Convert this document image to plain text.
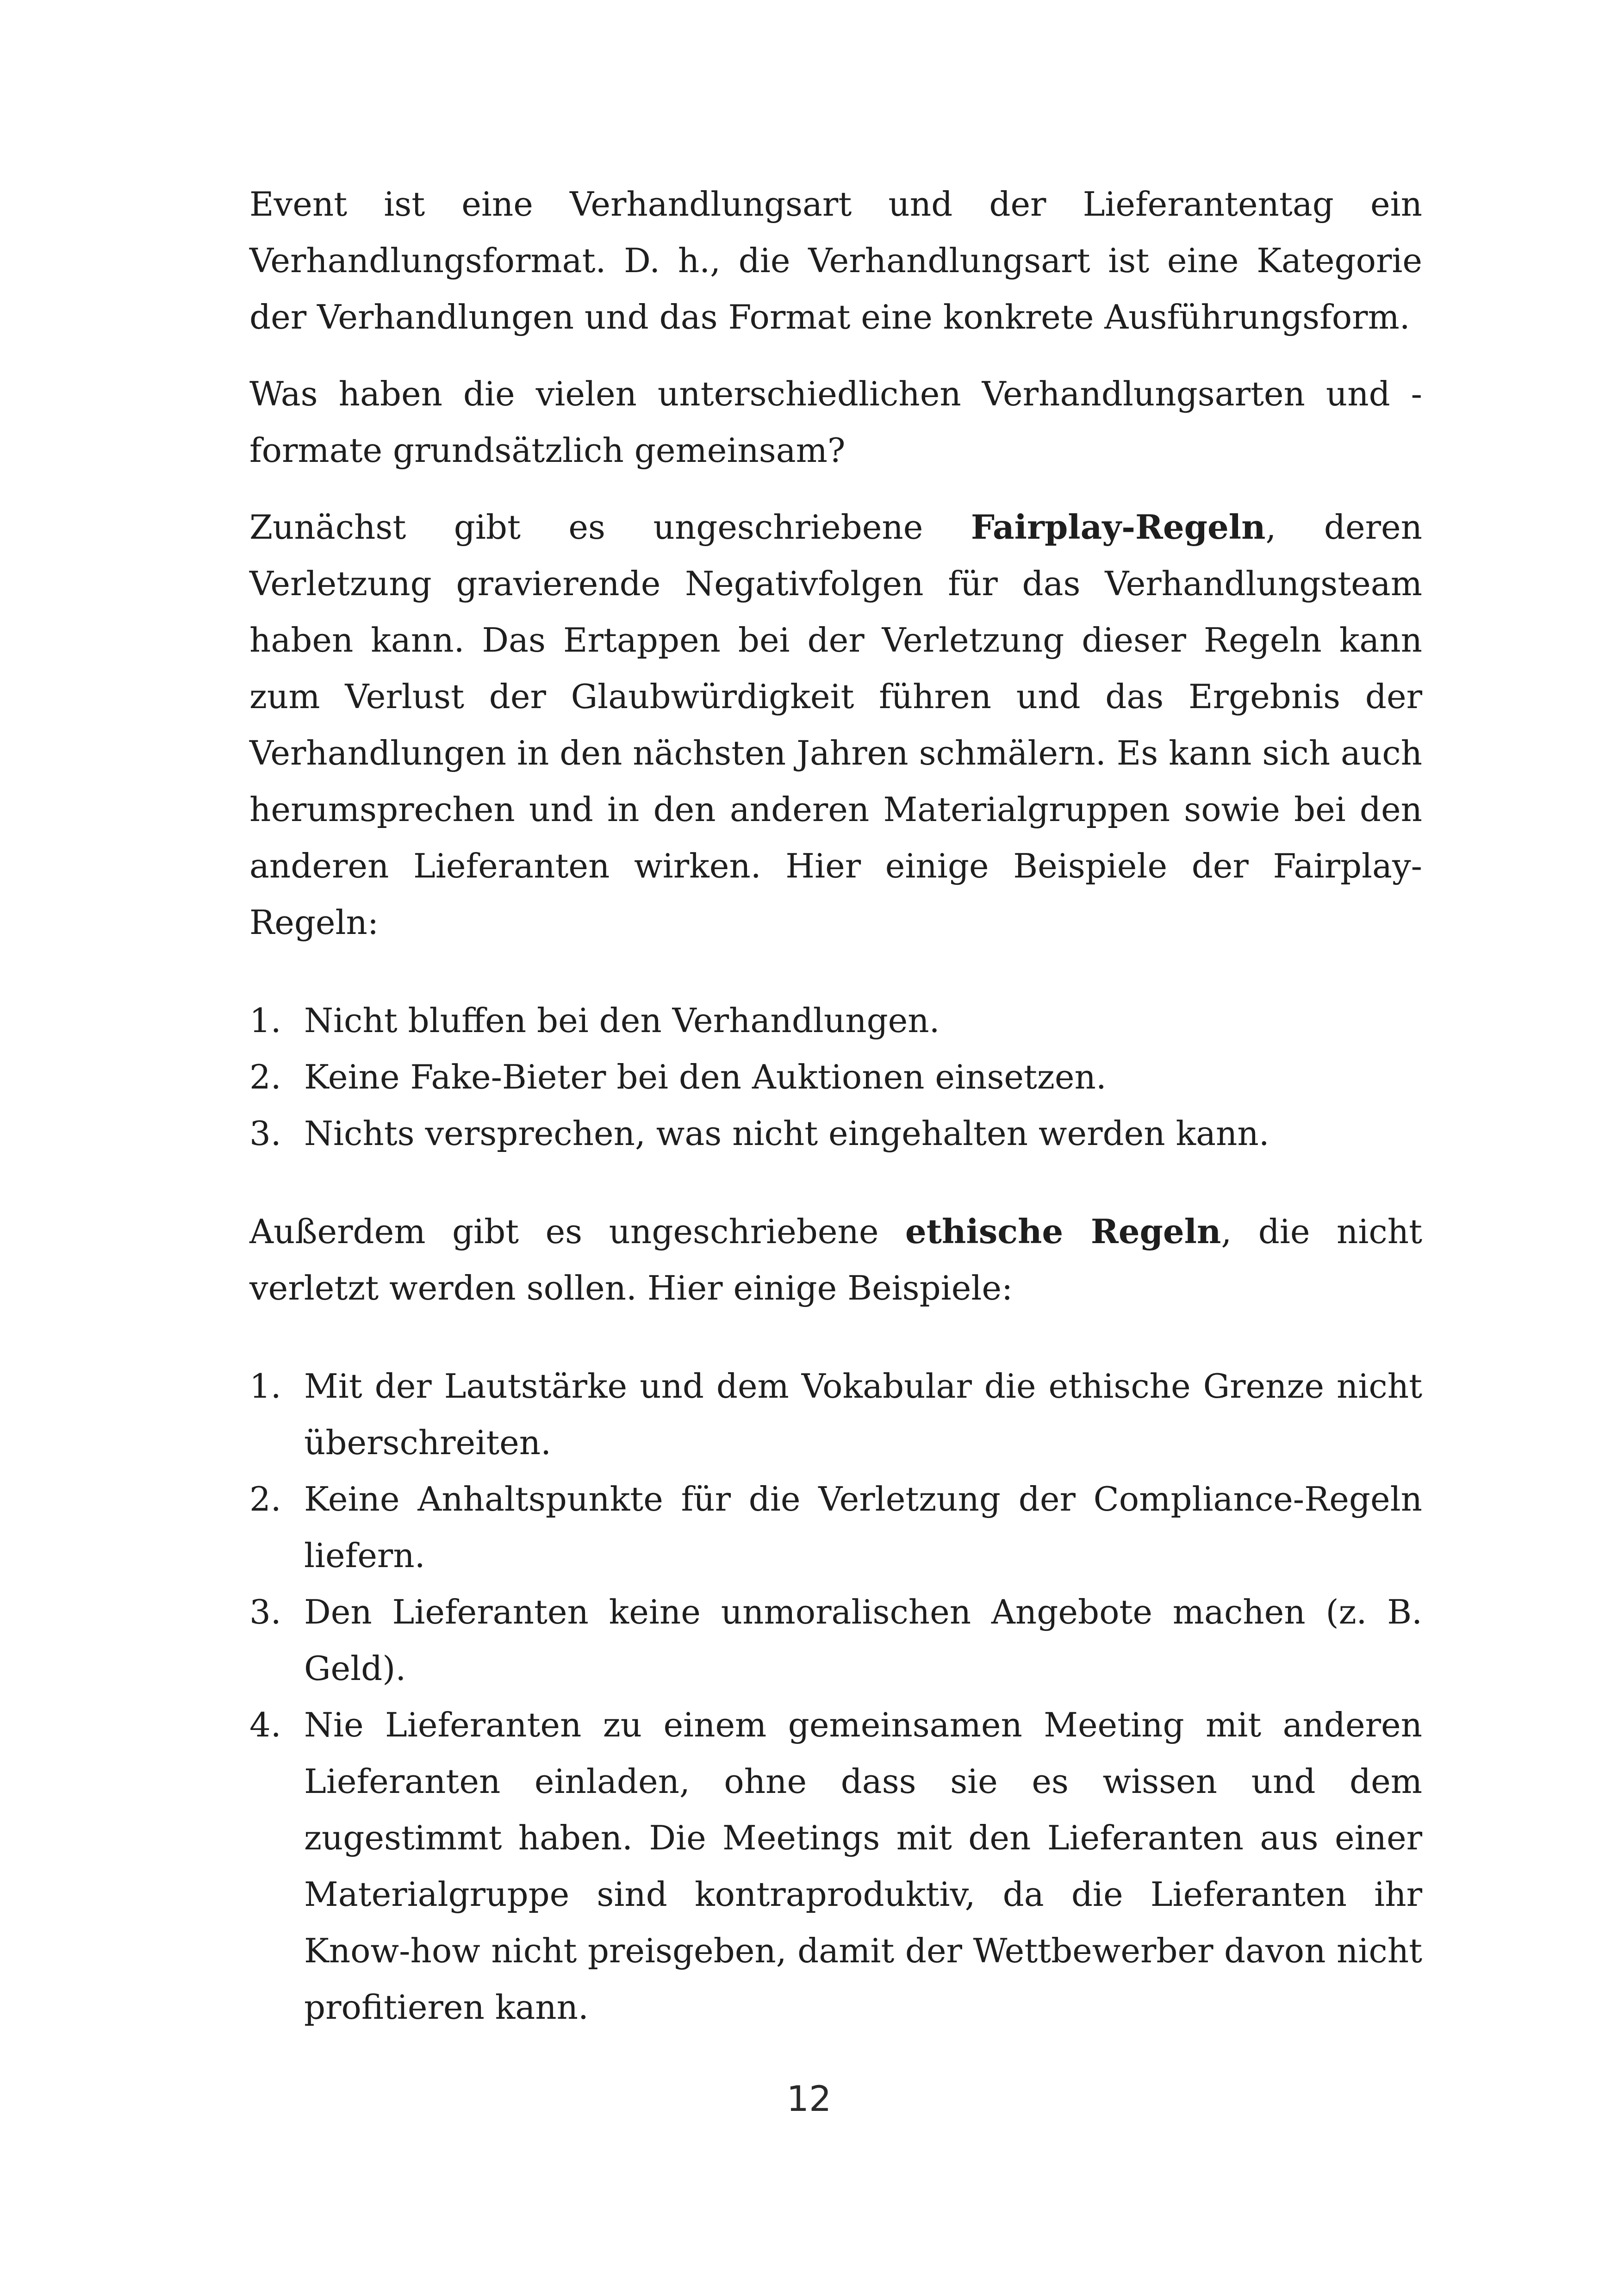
Event ist eine Verhandlungsart und der Lieferantentag ein Verhandlungsformat. D. h., die Verhandlungsart ist eine Kategorie der Verhandlungen und das Format eine konkrete Ausführungsform.

Was haben die vielen unterschiedlichen Verhandlungsarten und -formate grundsätzlich gemeinsam?

Zunächst gibt es ungeschriebene Fairplay-Regeln, deren Verletzung gravierende Negativfolgen für das Verhandlungsteam haben kann. Das Ertappen bei der Verletzung dieser Regeln kann zum Verlust der Glaubwürdigkeit führen und das Ergebnis der Verhandlungen in den nächsten Jahren schmälern. Es kann sich auch herumsprechen und in den anderen Materialgruppen sowie bei den anderen Lieferanten wirken. Hier einige Beispiele der Fairplay-Regeln:

1. Nicht bluffen bei den Verhandlungen.
2. Keine Fake-Bieter bei den Auktionen einsetzen.
3. Nichts versprechen, was nicht eingehalten werden kann.

Außerdem gibt es ungeschriebene ethische Regeln, die nicht verletzt werden sollen. Hier einige Beispiele:

1. Mit der Lautstärke und dem Vokabular die ethische Grenze nicht überschreiten.
2. Keine Anhaltspunkte für die Verletzung der Compliance-Regeln liefern.
3. Den Lieferanten keine unmoralischen Angebote machen (z. B. Geld).
4. Nie Lieferanten zu einem gemeinsamen Meeting mit anderen Lieferanten einladen, ohne dass sie es wissen und dem zugestimmt haben. Die Meetings mit den Lieferanten aus einer Materialgruppe sind kontraproduktiv, da die Lieferanten ihr Know-how nicht preisgeben, damit der Wettbewerber davon nicht profitieren kann.
12
